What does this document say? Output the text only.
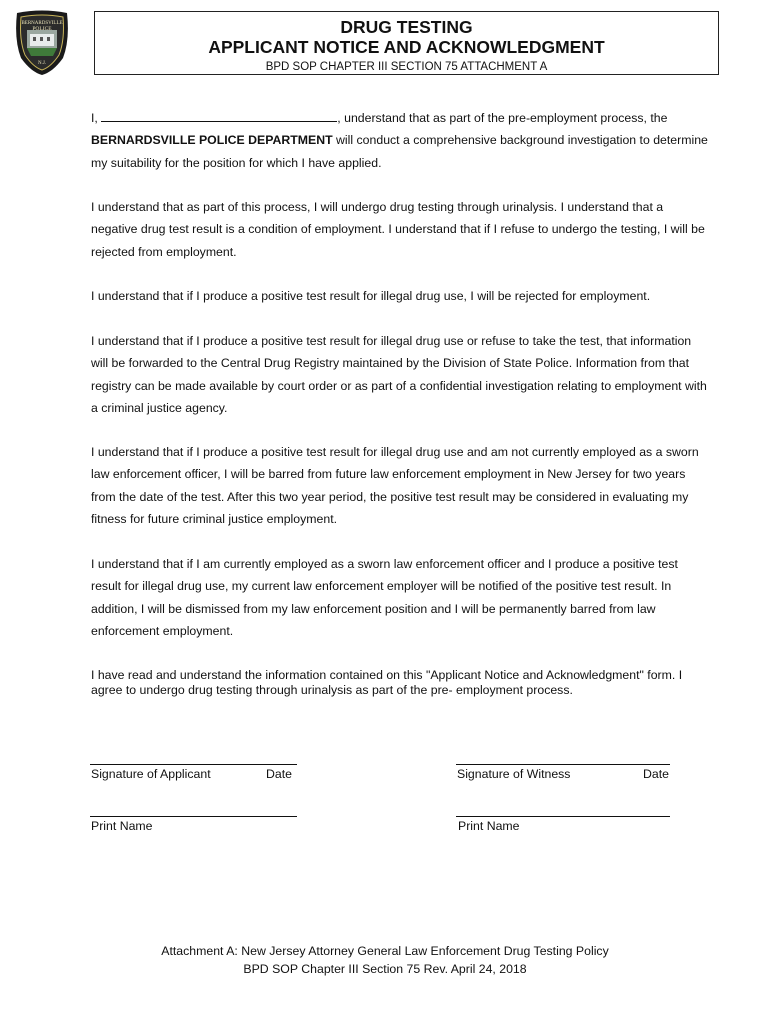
BERNARDSVILLE
POLICE
N.J.
DRUG TESTING
APPLICANT NOTICE AND ACKNOWLEDGMENT
BPD SOP CHAPTER III SECTION 75 ATTACHMENT A
I,	, understand that as part of the pre-employment process, the
BERNARDSVILLE POLICE DEPARTMENT will conduct a comprehensive background investigation to determine
my suitability for the position for which I have applied.
I understand that as part of this process, I will undergo drug testing through urinalysis. I understand that a
negative drug test result is a condition of employment. I understand that if I refuse to undergo the testing, I will be
rejected from employment.
I understand that if I produce a positive test result for illegal drug use, I will be rejected for employment.
I understand that if I produce a positive test result for illegal drug use or refuse to take the test, that information
will be forwarded to the Central Drug Registry maintained by the Division of State Police. Information from that
registry can be made available by court order or as part of a confidential investigation relating to employment with
a criminal justice agency.
I understand that if I produce a positive test result for illegal drug use and am not currently employed as a sworn
law enforcement officer, I will be barred from future law enforcement employment in New Jersey for two years
from the date of the test. After this two year period, the positive test result may be considered in evaluating my
fitness for future criminal justice employment.
I understand that if I am currently employed as a sworn law enforcement officer and I produce a positive test
result for illegal drug use, my current law enforcement employer will be notified of the positive test result. In
addition, I will be dismissed from my law enforcement position and I will be permanently barred from law
enforcement employment.
I have read and understand the information contained on this "Applicant Notice and Acknowledgment" form. I
agree to undergo drug testing through urinalysis as part of the pre- employment process.
Signature of Applicant	Date	Signature of Witness	Date
Print Name	Print Name
Attachment A: New Jersey Attorney General Law Enforcement Drug Testing Policy
BPD SOP Chapter III Section 75 Rev. April 24, 2018
